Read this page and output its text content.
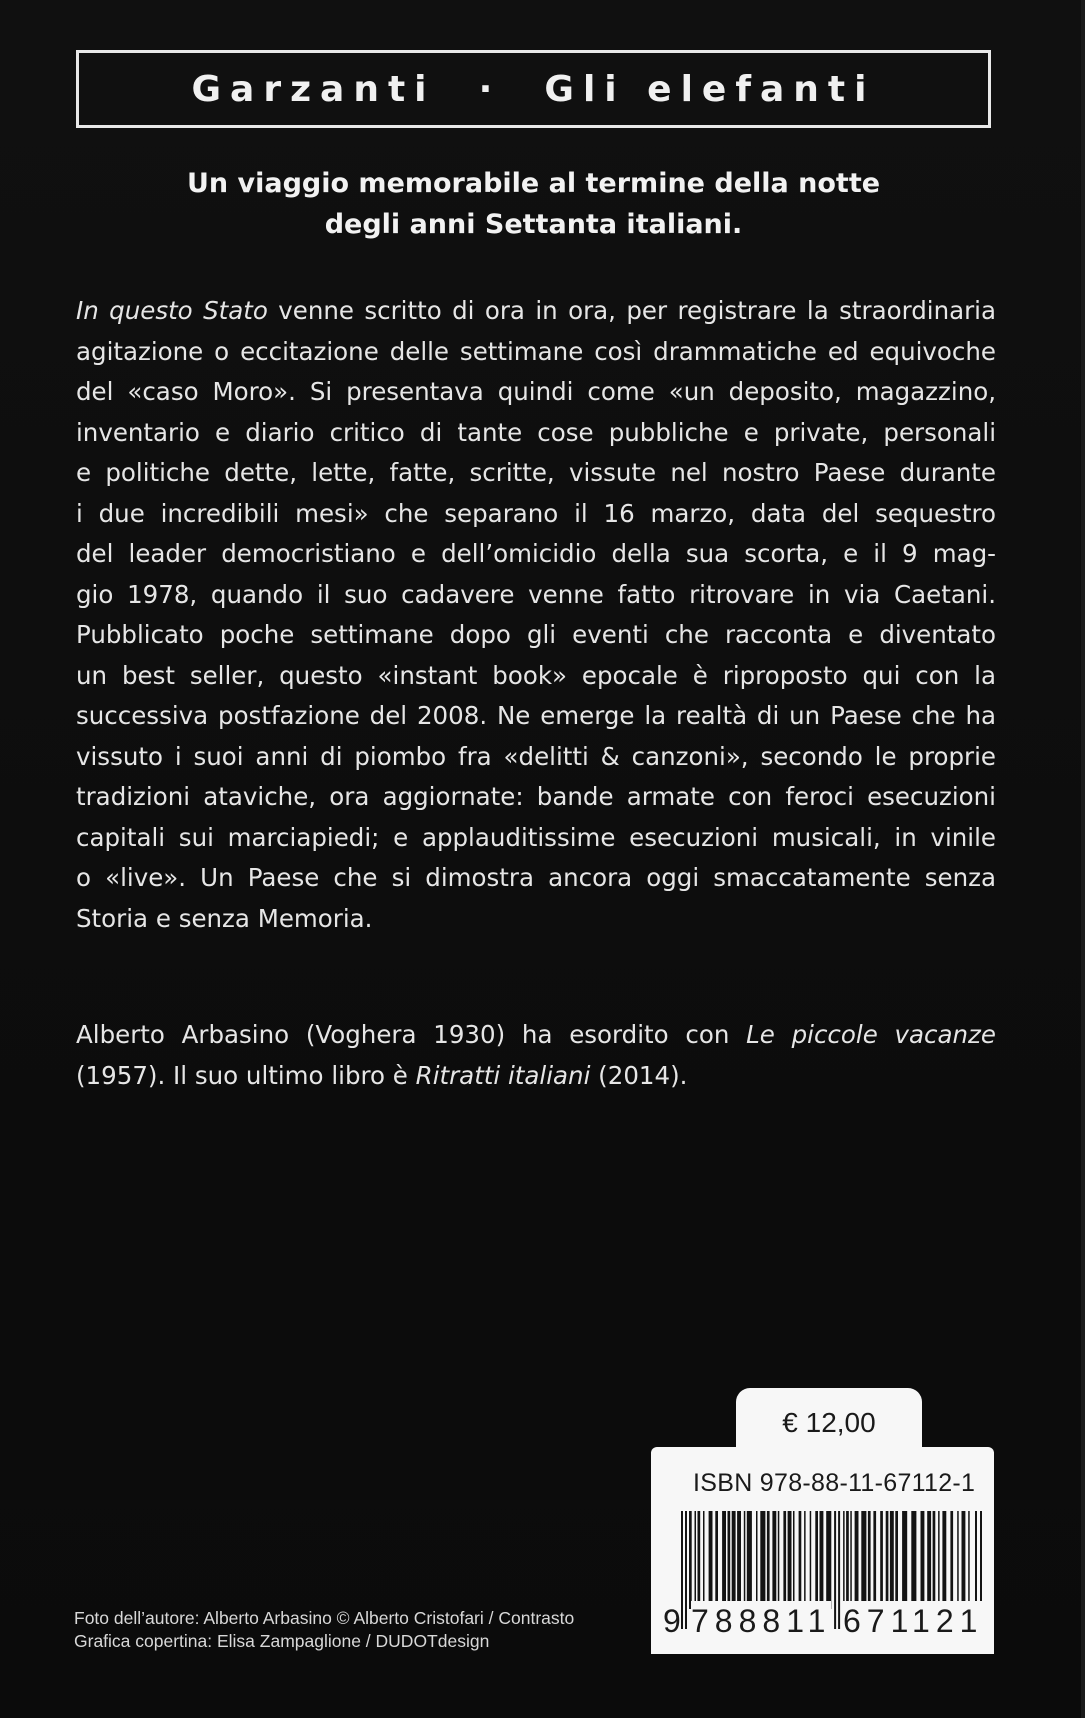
Garzanti · Gli elefanti
Un viaggio memorabile al termine della notte
degli anni Settanta italiani.
In questo Stato venne scritto di ora in ora, per registrare la straordinaria
agitazione o eccitazione delle settimane così drammatiche ed equivoche
del «caso Moro». Si presentava quindi come «un deposito, magazzino,
inventario e diario critico di tante cose pubbliche e private, personali
e politiche dette, lette, fatte, scritte, vissute nel nostro Paese durante
i due incredibili mesi» che separano il 16 marzo, data del sequestro
del leader democristiano e dell’omicidio della sua scorta, e il 9 mag-
gio 1978, quando il suo cadavere venne fatto ritrovare in via Caetani.
Pubblicato poche settimane dopo gli eventi che racconta e diventato
un best seller, questo «instant book» epocale è riproposto qui con la
successiva postfazione del 2008. Ne emerge la realtà di un Paese che ha
vissuto i suoi anni di piombo fra «delitti & canzoni», secondo le proprie
tradizioni ataviche, ora aggiornate: bande armate con feroci esecuzioni
capitali sui marciapiedi; e applauditissime esecuzioni musicali, in vinile
o «live». Un Paese che si dimostra ancora oggi smaccatamente senza
Storia e senza Memoria.
Alberto Arbasino (Voghera 1930) ha esordito con Le piccole vacanze
(1957). Il suo ultimo libro è Ritratti italiani (2014).
€ 12,00
ISBN 978-88-11-67112-1
9 788811 671121
Foto dell’autore: Alberto Arbasino © Alberto Cristofari / Contrasto
Grafica copertina: Elisa Zampaglione / DUDOTdesign
